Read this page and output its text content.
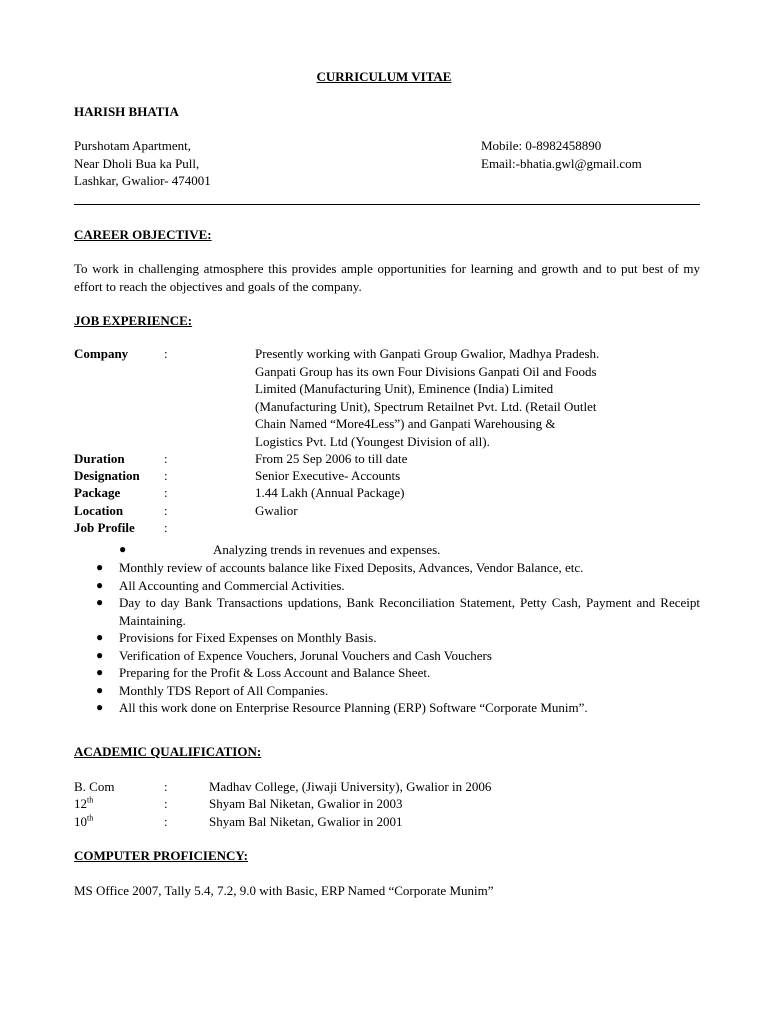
CURRICULUM VITAE
HARISH BHATIA
Purshotam Apartment,
Near Dholi Bua ka Pull,
Lashkar, Gwalior- 474001
Mobile: 0-8982458890
Email:-bhatia.gwl@gmail.com
CAREER OBJECTIVE:
To work in challenging atmosphere this provides ample opportunities for learning and growth and to put best of my effort to reach the objectives and goals of the company.
JOB EXPERIENCE:
Company	:	Presently working with Ganpati Group Gwalior, Madhya Pradesh.
Ganpati Group has its own Four Divisions Ganpati Oil and Foods
Limited (Manufacturing Unit), Eminence (India) Limited
(Manufacturing Unit), Spectrum Retailnet Pvt. Ltd. (Retail Outlet
Chain Named “More4Less”) and Ganpati Warehousing &
Logistics Pvt. Ltd (Youngest Division of all).
Duration	:	From 25 Sep 2006 to till date
Designation :	Senior Executive- Accounts
Package	:	1.44 Lakh (Annual Package)
Location	:	Gwalior
Job Profile :
●	Analyzing trends in revenues and expenses.
● Monthly review of accounts balance like Fixed Deposits, Advances, Vendor Balance, etc.
● All Accounting and Commercial Activities.
● Day to day Bank Transactions updations, Bank Reconciliation Statement, Petty Cash, Payment and Receipt Maintaining.
● Provisions for Fixed Expenses on Monthly Basis.
● Verification of Expence Vouchers, Jorunal Vouchers and Cash Vouchers
● Preparing for the Profit & Loss Account and Balance Sheet.
● Monthly TDS Report of All Companies.
● All this work done on Enterprise Resource Planning (ERP) Software “Corporate Munim”.
ACADEMIC QUALIFICATION:
B. Com	:	Madhav College, (Jiwaji University), Gwalior in 2006
12th	:	Shyam Bal Niketan, Gwalior in 2003
10th	:	Shyam Bal Niketan, Gwalior in 2001
COMPUTER PROFICIENCY:
MS Office 2007, Tally 5.4, 7.2, 9.0 with Basic, ERP Named “Corporate Munim”
